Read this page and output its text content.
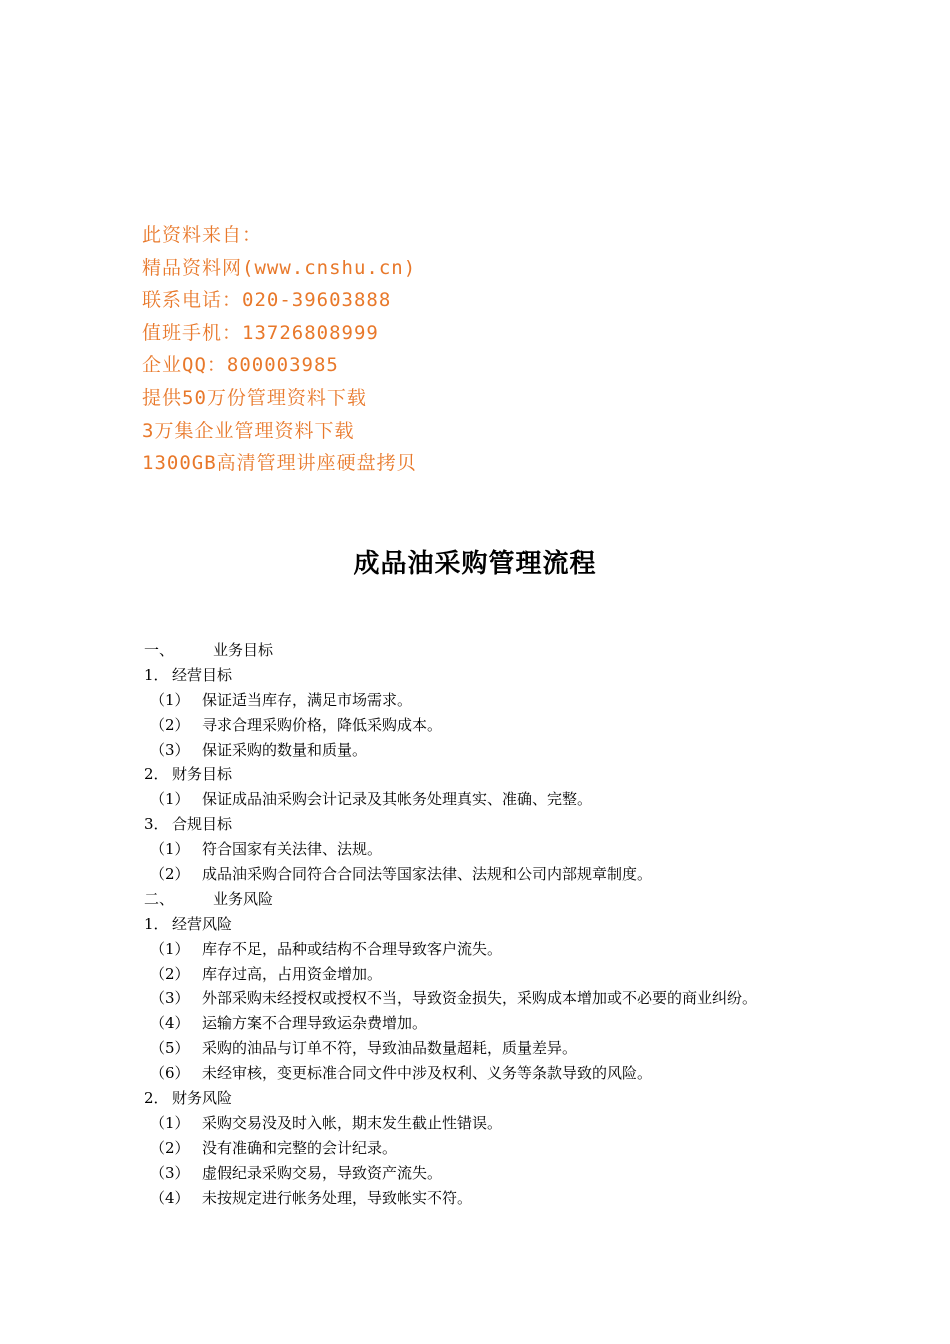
此资料来自：
精品资料网(www.cnshu.cn)
联系电话：020-39603888
值班手机：13726808999
企业QQ：800003985
提供50万份管理资料下载
3万集企业管理资料下载
1300GB高清管理讲座硬盘拷贝
成品油采购管理流程
一、	业务目标
1． 经营目标
（1） 保证适当库存，满足市场需求。
（2） 寻求合理采购价格，降低采购成本。
（3） 保证采购的数量和质量。
2． 财务目标
（1） 保证成品油采购会计记录及其帐务处理真实、准确、完整。
3． 合规目标
（1） 符合国家有关法律、法规。
（2） 成品油采购合同符合合同法等国家法律、法规和公司内部规章制度。
二、	业务风险
1． 经营风险
（1） 库存不足，品种或结构不合理导致客户流失。
（2） 库存过高，占用资金增加。
（3） 外部采购未经授权或授权不当，导致资金损失，采购成本增加或不必要的商业纠纷。
（4） 运输方案不合理导致运杂费增加。
（5） 采购的油品与订单不符，导致油品数量超耗，质量差异。
（6） 未经审核，变更标准合同文件中涉及权利、义务等条款导致的风险。
2． 财务风险
（1） 采购交易没及时入帐，期末发生截止性错误。
（2） 没有准确和完整的会计纪录。
（3） 虚假纪录采购交易，导致资产流失。
（4） 未按规定进行帐务处理，导致帐实不符。
